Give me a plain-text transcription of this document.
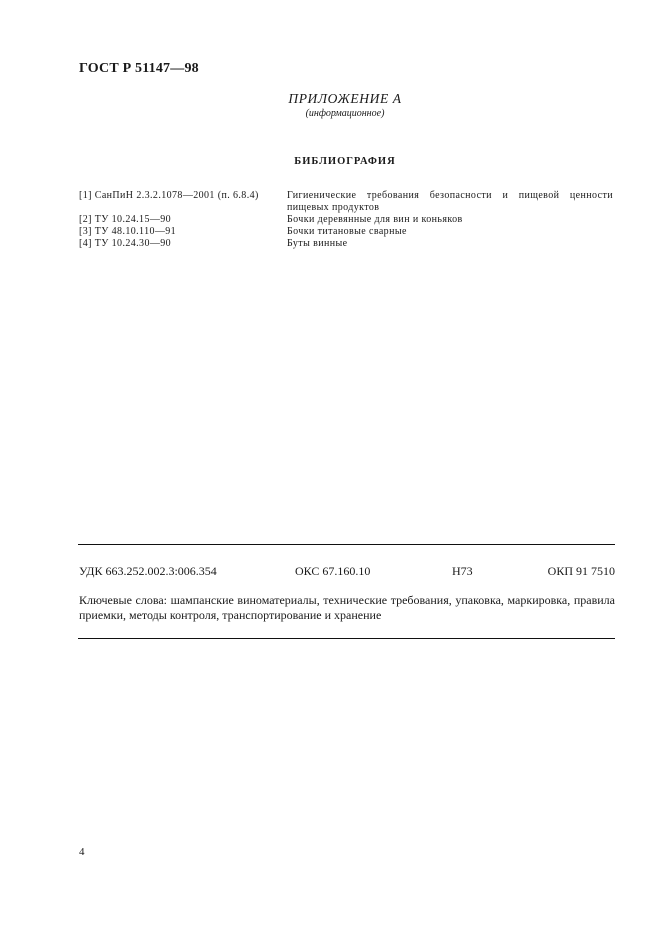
ГОСТ Р 51147—98
ПРИЛОЖЕНИЕ А
(информационное)
БИБЛИОГРАФИЯ
[1] СанПиН 2.3.2.1078—2001 (п. 6.8.4)	Гигиенические требования безопасности и пищевой ценности пищевых продуктов
[2] ТУ 10.24.15—90	Бочки деревянные для вин и коньяков
[3] ТУ 48.10.110—91	Бочки титановые сварные
[4] ТУ 10.24.30—90	Буты винные
УДК 663.252.002.3:006.354	ОКС 67.160.10	Н73	ОКП 91 7510
Ключевые слова: шампанские виноматериалы, технические требования, упаковка, маркировка, правила приемки, методы контроля, транспортирование и хранение
4
